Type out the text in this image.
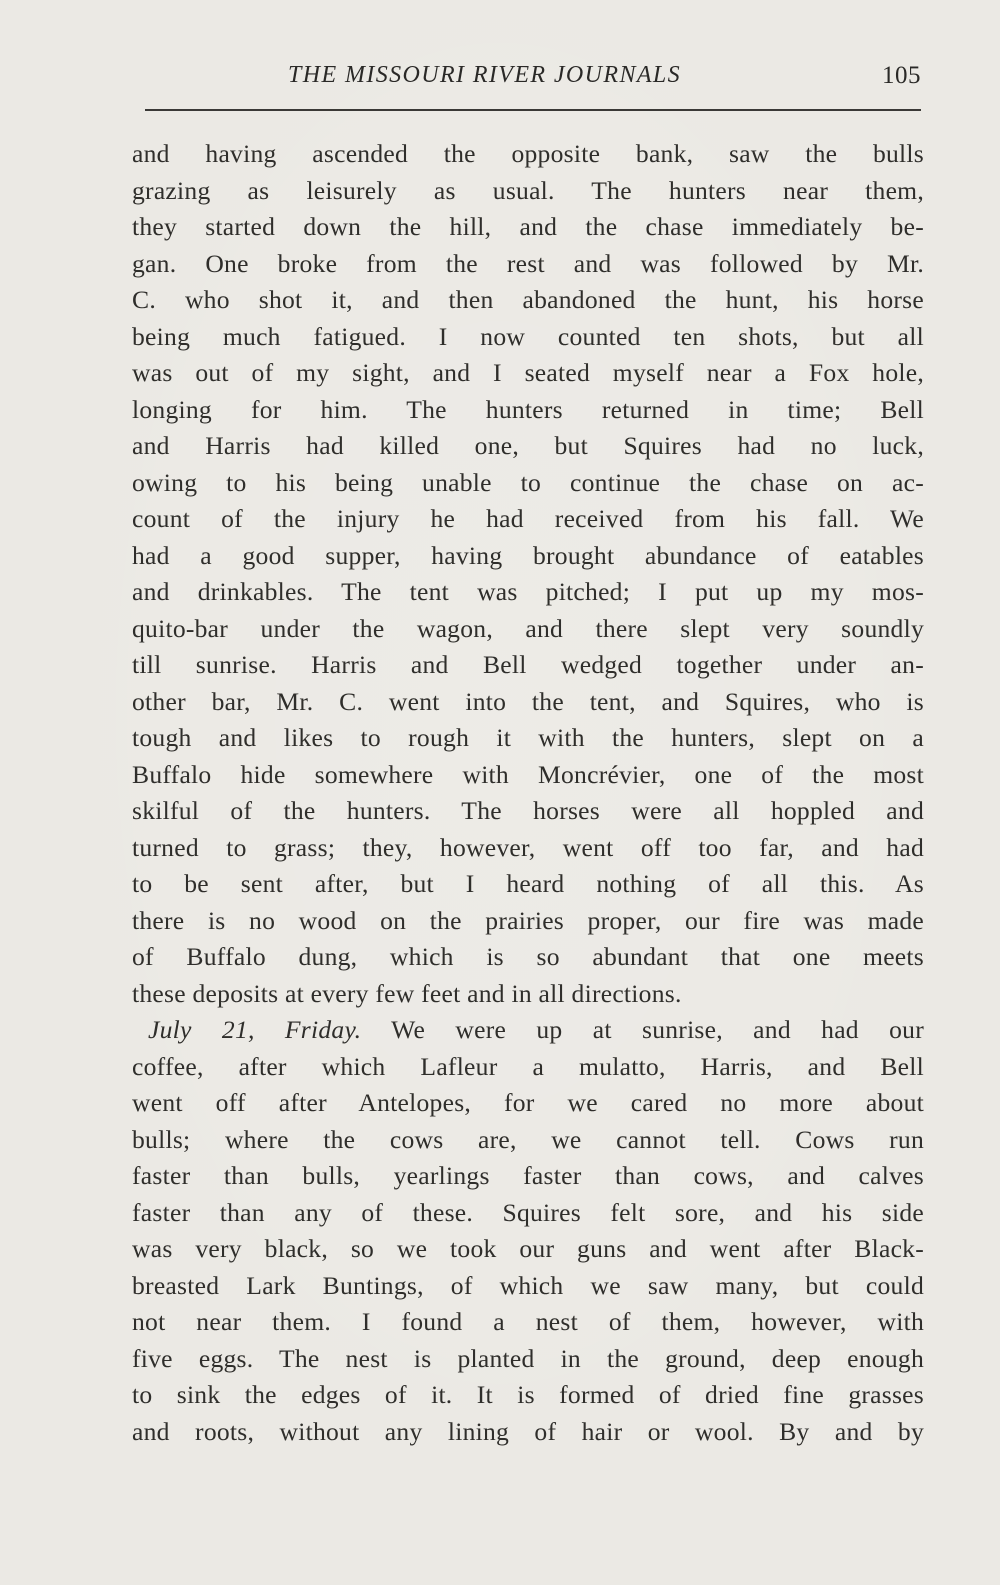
THE MISSOURI RIVER JOURNALS	105
and having ascended the opposite bank, saw the bulls
grazing as leisurely as usual. The hunters near them,
they started down the hill, and the chase immediately be-
gan. One broke from the rest and was followed by Mr.
C. who shot it, and then abandoned the hunt, his horse
being much fatigued. I now counted ten shots, but all
was out of my sight, and I seated myself near a Fox hole,
longing for him. The hunters returned in time; Bell
and Harris had killed one, but Squires had no luck,
owing to his being unable to continue the chase on ac-
count of the injury he had received from his fall. We
had a good supper, having brought abundance of eatables
and drinkables. The tent was pitched; I put up my mos-
quito-bar under the wagon, and there slept very soundly
till sunrise. Harris and Bell wedged together under an-
other bar, Mr. C. went into the tent, and Squires, who is
tough and likes to rough it with the hunters, slept on a
Buffalo hide somewhere with Moncrévier, one of the most
skilful of the hunters. The horses were all hoppled and
turned to grass; they, however, went off too far, and had
to be sent after, but I heard nothing of all this. As
there is no wood on the prairies proper, our fire was made
of Buffalo dung, which is so abundant that one meets
these deposits at every few feet and in all directions.
July 21, Friday. We were up at sunrise, and had our
coffee, after which Lafleur a mulatto, Harris, and Bell
went off after Antelopes, for we cared no more about
bulls; where the cows are, we cannot tell. Cows run
faster than bulls, yearlings faster than cows, and calves
faster than any of these. Squires felt sore, and his side
was very black, so we took our guns and went after Black-
breasted Lark Buntings, of which we saw many, but could
not near them. I found a nest of them, however, with
five eggs. The nest is planted in the ground, deep enough
to sink the edges of it. It is formed of dried fine grasses
and roots, without any lining of hair or wool. By and by
